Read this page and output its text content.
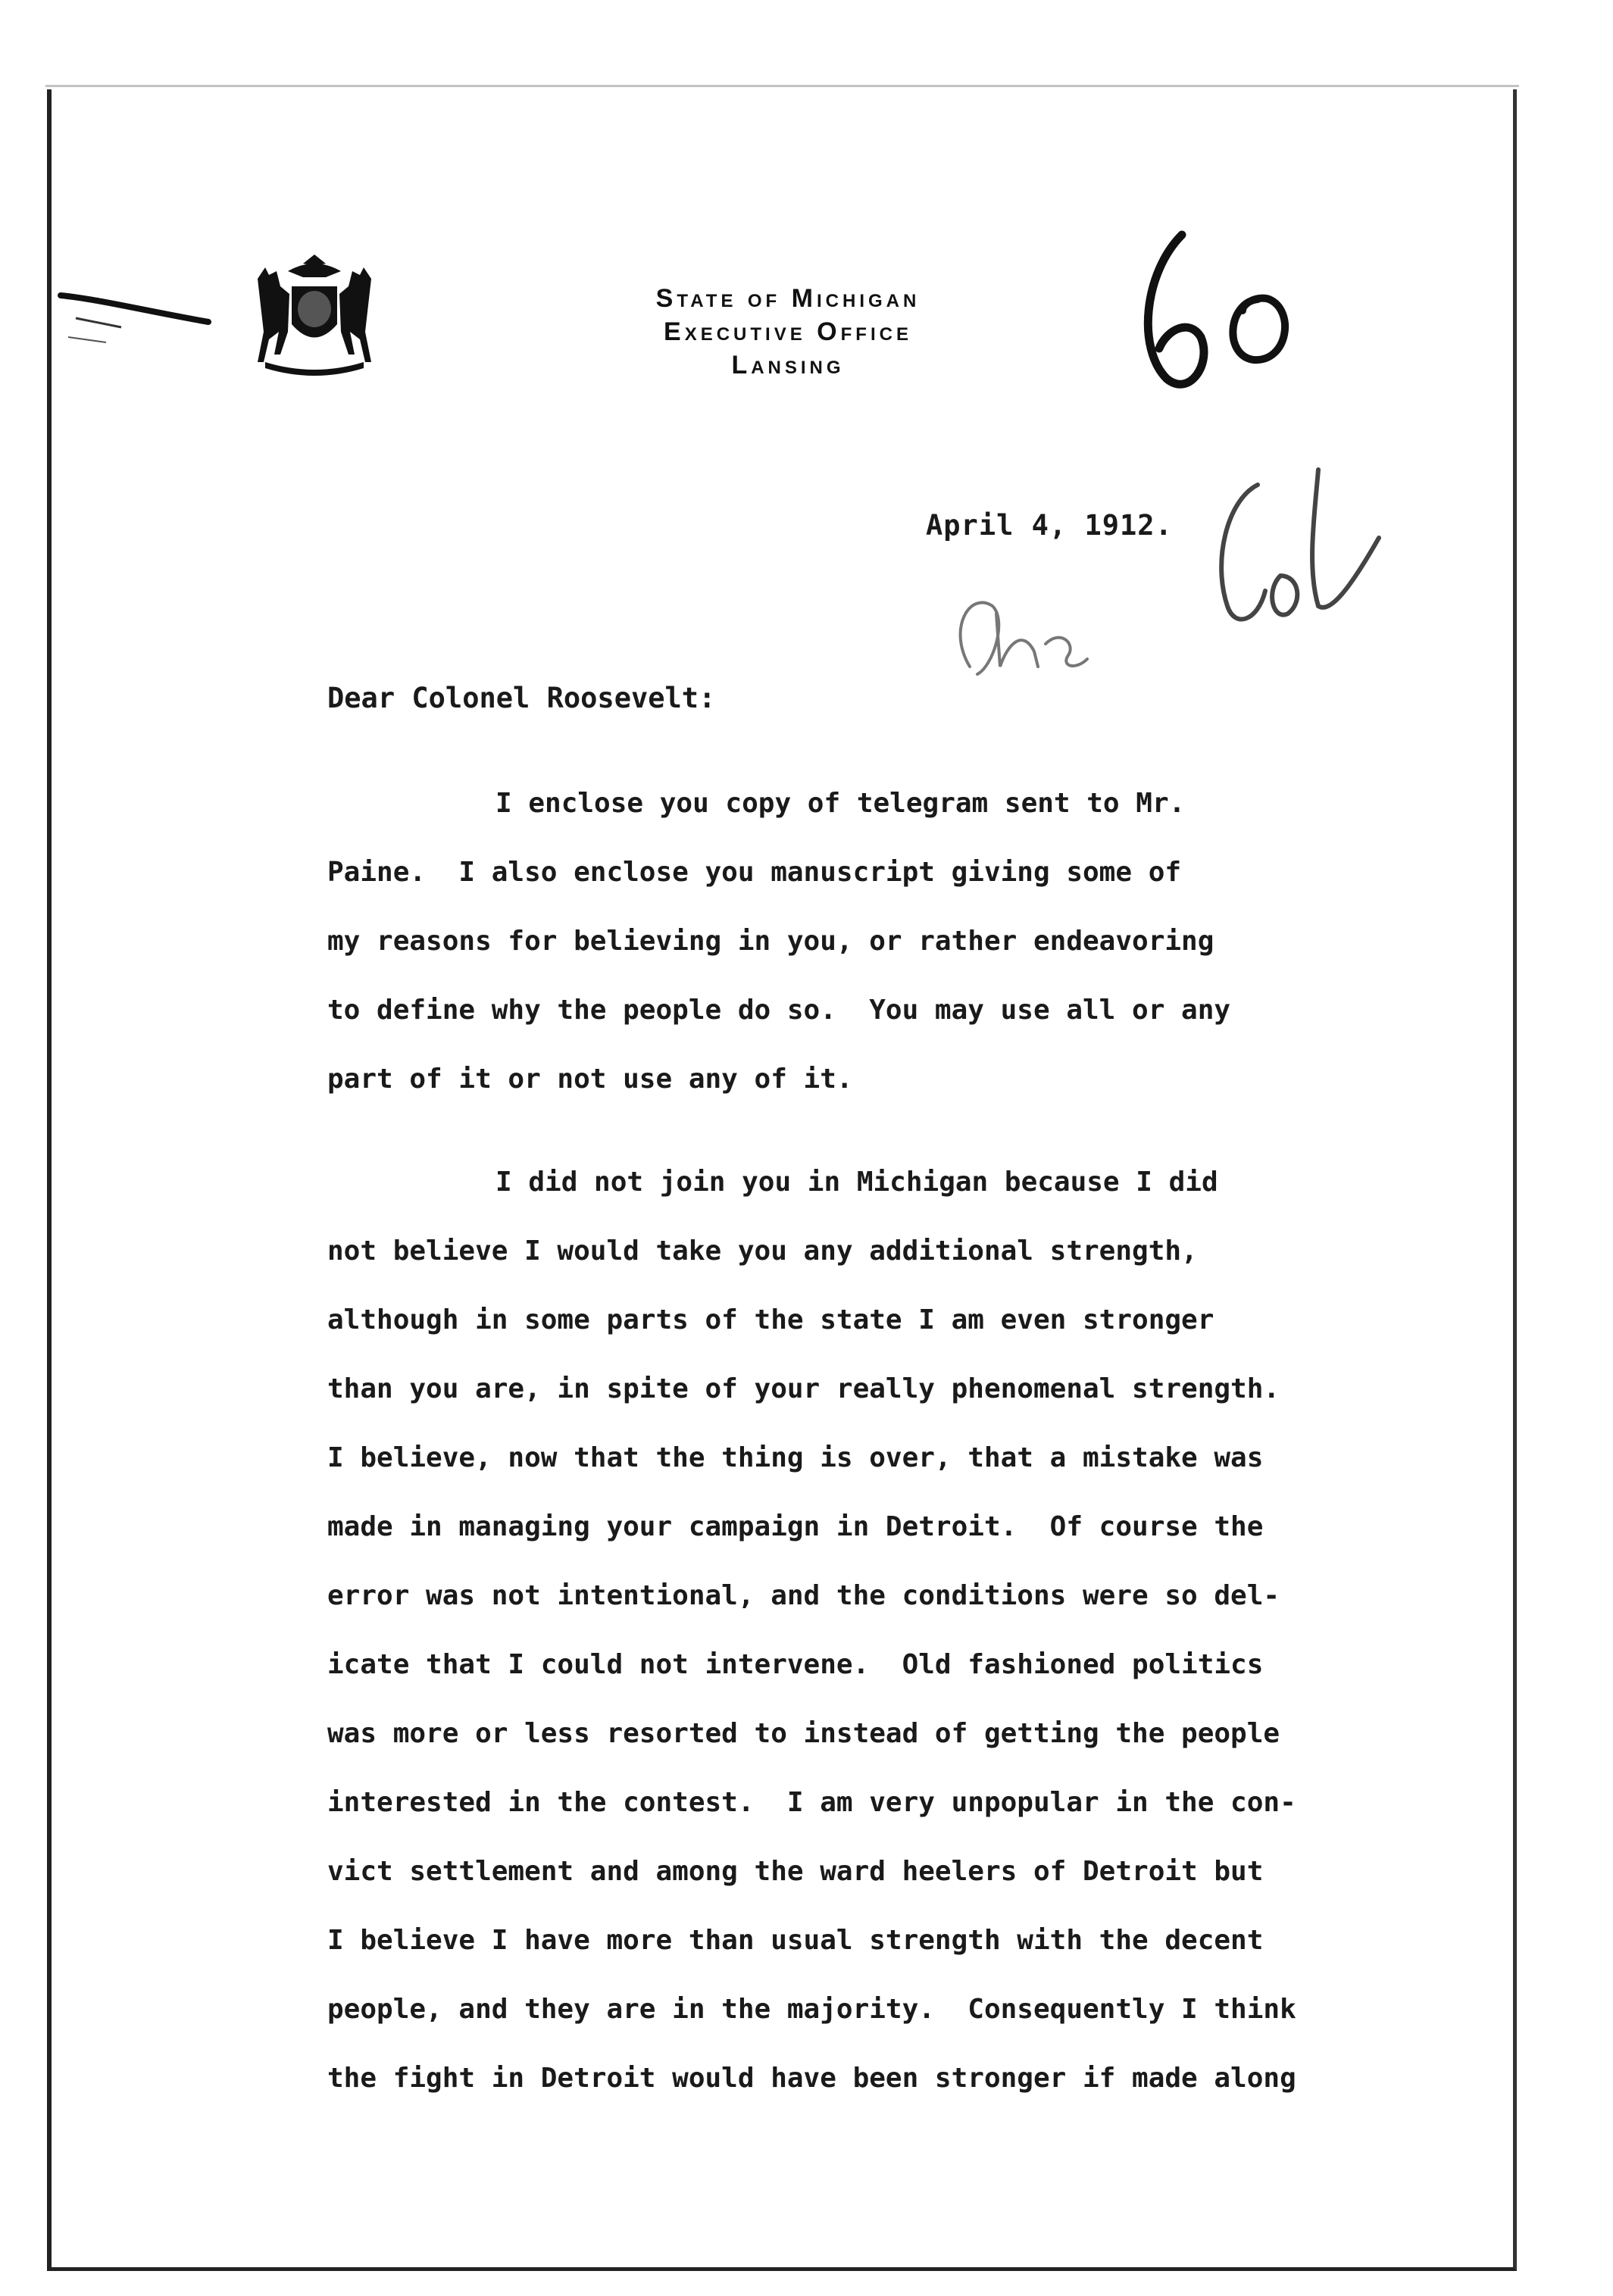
State of Michigan
Executive Office
Lansing
April 4, 1912.
Dear Colonel Roosevelt:
I enclose you copy of telegram sent to Mr.
Paine.  I also enclose you manuscript giving some of
my reasons for believing in you, or rather endeavoring
to define why the people do so.  You may use all or any
part of it or not use any of it.
I did not join you in Michigan because I did
not believe I would take you any additional strength,
although in some parts of the state I am even stronger
than you are, in spite of your really phenomenal strength.
I believe, now that the thing is over, that a mistake was
made in managing your campaign in Detroit.  Of course the
error was not intentional, and the conditions were so del-
icate that I could not intervene.  Old fashioned politics
was more or less resorted to instead of getting the people
interested in the contest.  I am very unpopular in the con-
vict settlement and among the ward heelers of Detroit but
I believe I have more than usual strength with the decent
people, and they are in the majority.  Consequently I think
the fight in Detroit would have been stronger if made along
